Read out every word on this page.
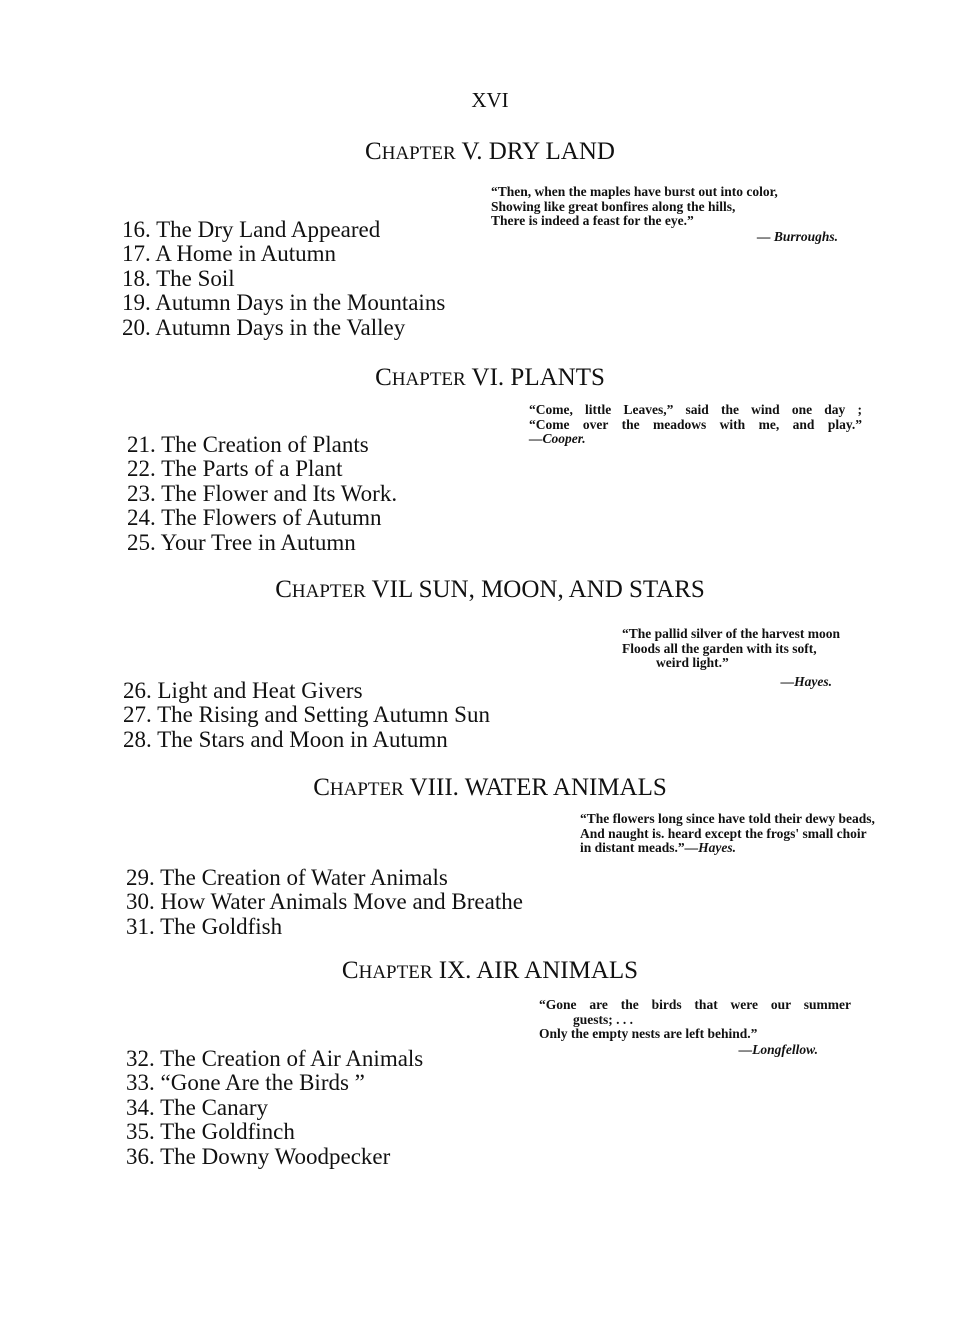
XVI
CHAPTER V. DRY LAND
“Then, when the maples have burst out into color,
Showing like great bonfires along the hills,
There is indeed a feast for the eye.”
— Burroughs.
16. The Dry Land Appeared
17. A Home in Autumn
18. The Soil
19. Autumn Days in the Mountains
20. Autumn Days in the Valley
CHAPTER VI. PLANTS
“Come, little Leaves,” said the wind one day ;
“Come over the meadows with me, and play.”
—Cooper.
21. The Creation of Plants
22. The Parts of a Plant
23. The Flower and Its Work.
24. The Flowers of Autumn
25. Your Tree in Autumn
CHAPTER VIL SUN, MOON, AND STARS
“The pallid silver of the harvest moon
Floods all the garden with its soft,
weird light.”
—Hayes.
26. Light and Heat Givers
27. The Rising and Setting Autumn Sun
28. The Stars and Moon in Autumn
CHAPTER VIII. WATER ANIMALS
“The flowers long since have told their dewy beads,
And naught is. heard except the frogs' small choir
in distant meads.”—Hayes.
29. The Creation of Water Animals
30. How Water Animals Move and Breathe
31. The Goldfish
CHAPTER IX. AIR ANIMALS
“Gone are the birds that were our summer
guests; . . .
Only the empty nests are left behind.”
—Longfellow.
32. The Creation of Air Animals
33. “Gone Are the Birds ”
34. The Canary
35. The Goldfinch
36. The Downy Woodpecker
